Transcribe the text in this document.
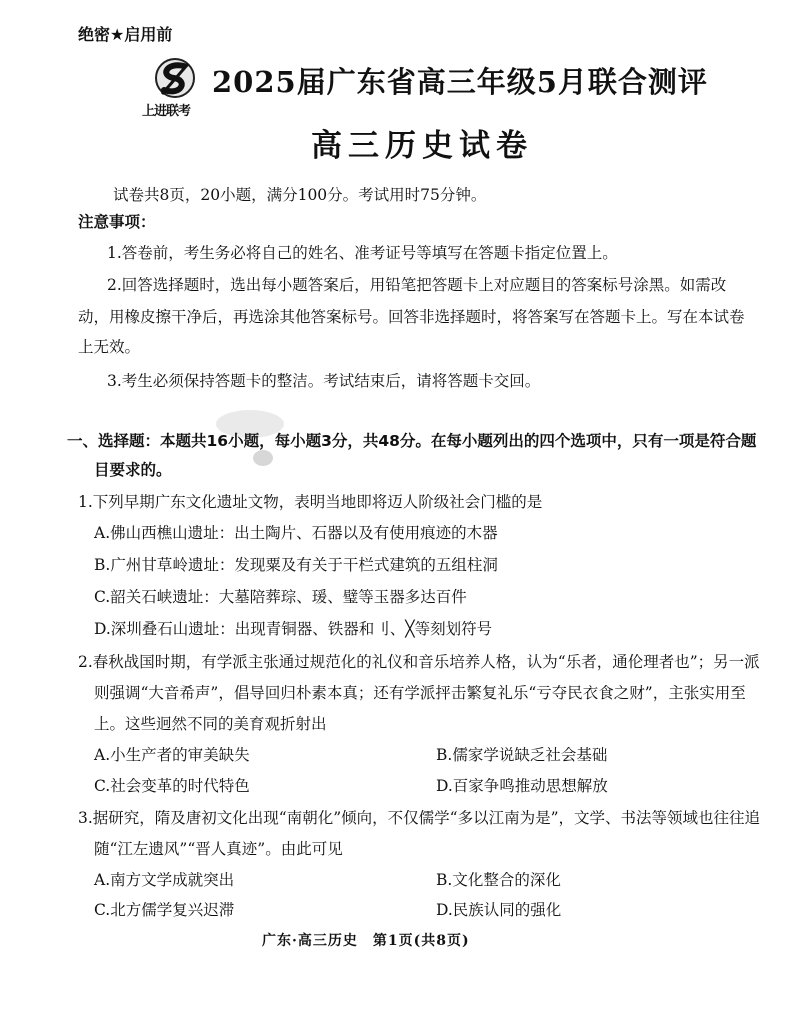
绝密★启用前
上进联考
2025届广东省高三年级5月联合测评
高三历史试卷
试卷共8页，20小题，满分100分。考试用时75分钟。
注意事项：
1.答卷前，考生务必将自己的姓名、准考证号等填写在答题卡指定位置上。
2.回答选择题时，选出每小题答案后，用铅笔把答题卡上对应题目的答案标号涂黑。如需改
动，用橡皮擦干净后，再选涂其他答案标号。回答非选择题时，将答案写在答题卡上。写在本试卷
上无效。
3.考生必须保持答题卡的整洁。考试结束后，请将答题卡交回。
一、选择题：本题共16小题，每小题3分，共48分。在每小题列出的四个选项中，只有一项是符合题
目要求的。
1.下列早期广东文化遗址文物，表明当地即将迈人阶级社会门槛的是
A.佛山西樵山遗址：出土陶片、石器以及有使用痕迹的木器
B.广州甘草岭遗址：发现粟及有关于干栏式建筑的五组柱洞
C.韶关石峡遗址：大墓陪葬琮、瑗、璧等玉器多达百件
D.深圳叠石山遗址：出现青铜器、铁器和刂、╳等刻划符号
2.春秋战国时期，有学派主张通过规范化的礼仪和音乐培养人格，认为“乐者，通伦理者也”；另一派
则强调“大音希声”，倡导回归朴素本真；还有学派抨击繁复礼乐“亏夺民衣食之财”，主张实用至
上。这些迥然不同的美育观折射出
A.小生产者的审美缺失	B.儒家学说缺乏社会基础
C.社会变革的时代特色	D.百家争鸣推动思想解放
3.据研究，隋及唐初文化出现“南朝化”倾向，不仅儒学“多以江南为是”，文学、书法等领域也往往追
随“江左遗风”“晋人真迹”。由此可见
A.南方文学成就突出	B.文化整合的深化
C.北方儒学复兴迟滞	D.民族认同的强化
广东·高三历史　第1页(共8页)
